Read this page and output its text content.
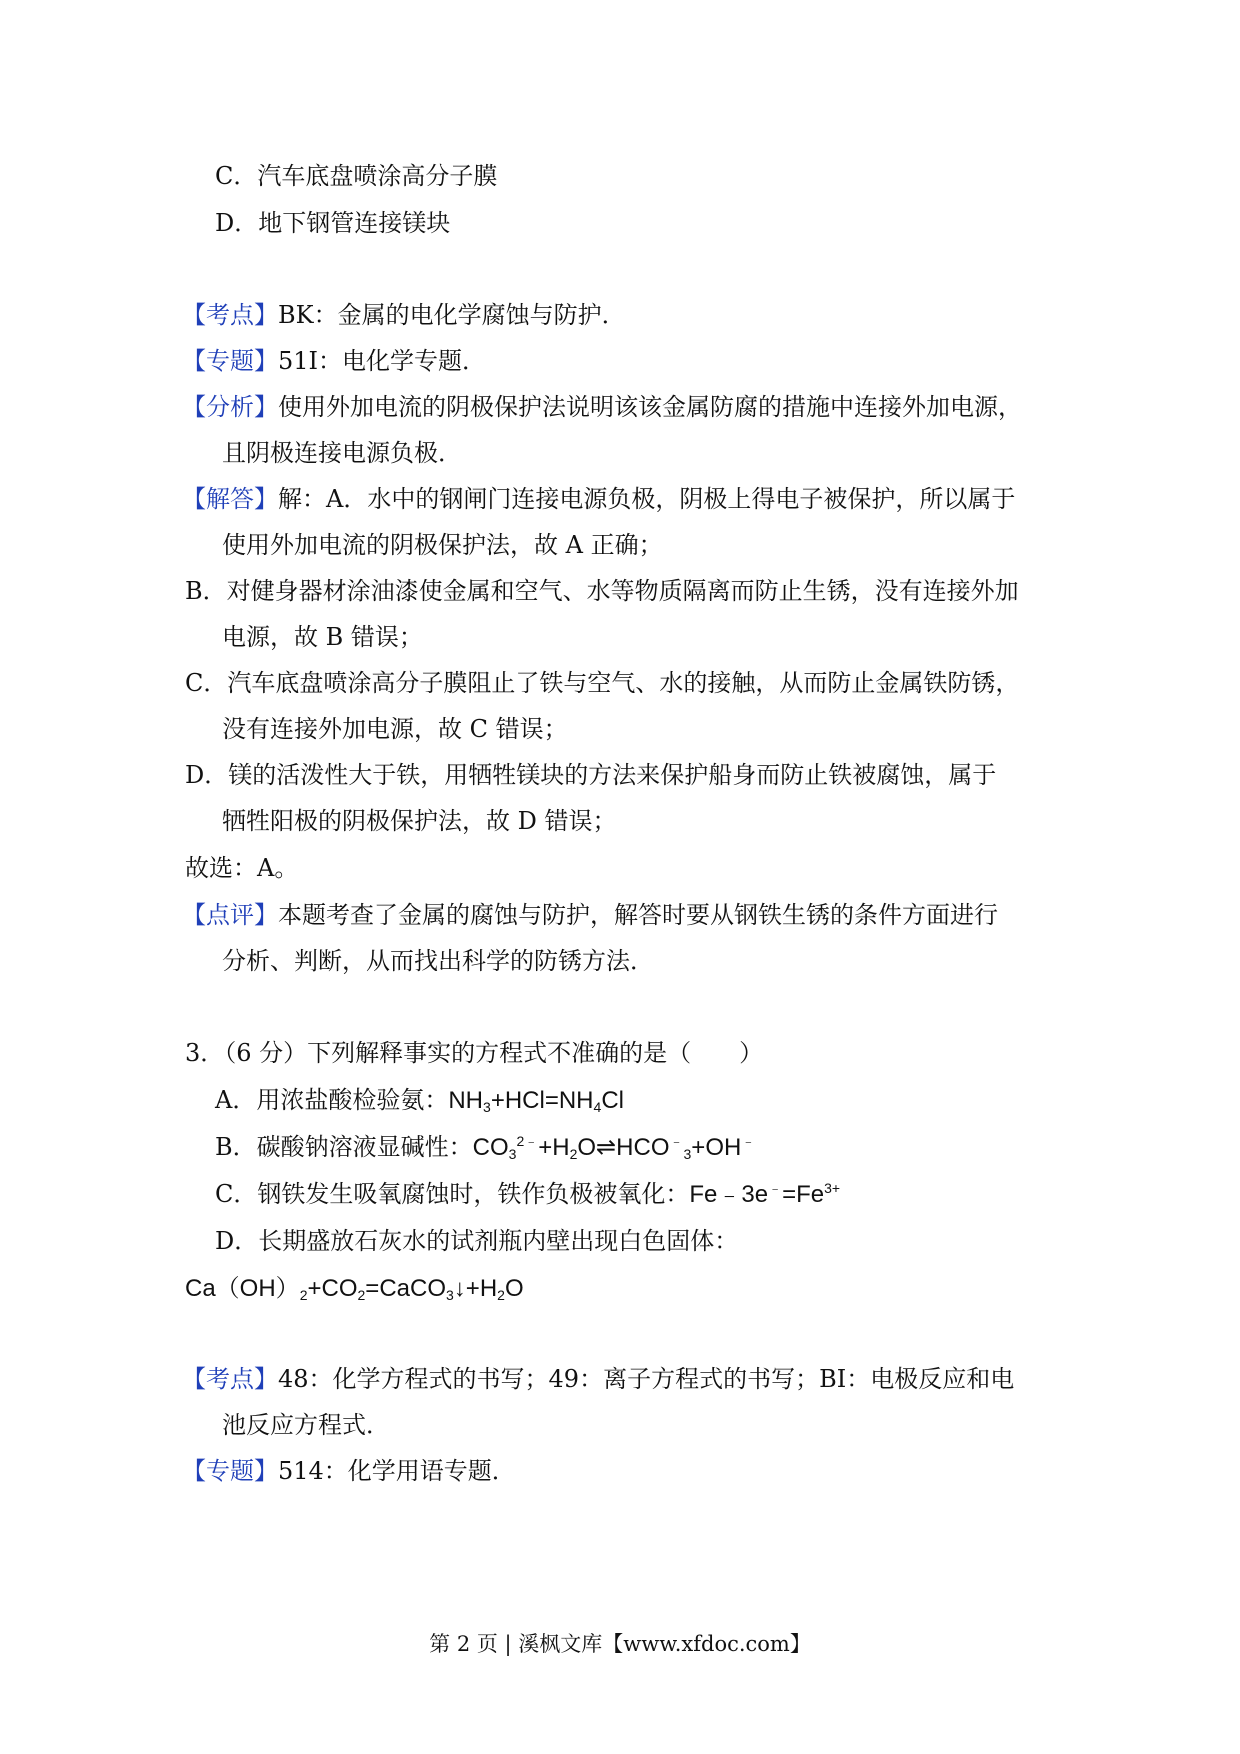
C．汽车底盘喷涂高分子膜
D．地下钢管连接镁块
【考点】BK：金属的电化学腐蚀与防护．
【专题】51I：电化学专题．
【分析】使用外加电流的阴极保护法说明该该金属防腐的措施中连接外加电源，
且阴极连接电源负极．
【解答】解：A．水中的钢闸门连接电源负极，阴极上得电子被保护，所以属于
使用外加电流的阴极保护法，故 A 正确；
B．对健身器材涂油漆使金属和空气、水等物质隔离而防止生锈，没有连接外加
电源，故 B 错误；
C．汽车底盘喷涂高分子膜阻止了铁与空气、水的接触，从而防止金属铁防锈，
没有连接外加电源，故 C 错误；
D．镁的活泼性大于铁，用牺牲镁块的方法来保护船身而防止铁被腐蚀，属于
牺牲阳极的阴极保护法，故 D 错误；
故选：A。
【点评】本题考查了金属的腐蚀与防护，解答时要从钢铁生锈的条件方面进行
分析、判断，从而找出科学的防锈方法．
3．（6 分）下列解释事实的方程式不准确的是（　　）
A．用浓盐酸检验氨：$NH_3+HCl=NH_4Cl$
B．碳酸钠溶液显碱性：$CO_3^{2﹣}+H_2O\rightleftharpoons HCO^﹣_3+OH^﹣$
C．钢铁发生吸氧腐蚀时，铁作负极被氧化：$Fe﹣3e^﹣=Fe^{3+}$
D．长期盛放石灰水的试剂瓶内壁出现白色固体：
$Ca(OH)_2+CO_2=CaCO_3↓+H_2O$
【考点】48：化学方程式的书写；49：离子方程式的书写；BI：电极反应和电
池反应方程式．
【专题】514：化学用语专题．
第 2 页 | 溪枫文库【www.xfdoc.com】
